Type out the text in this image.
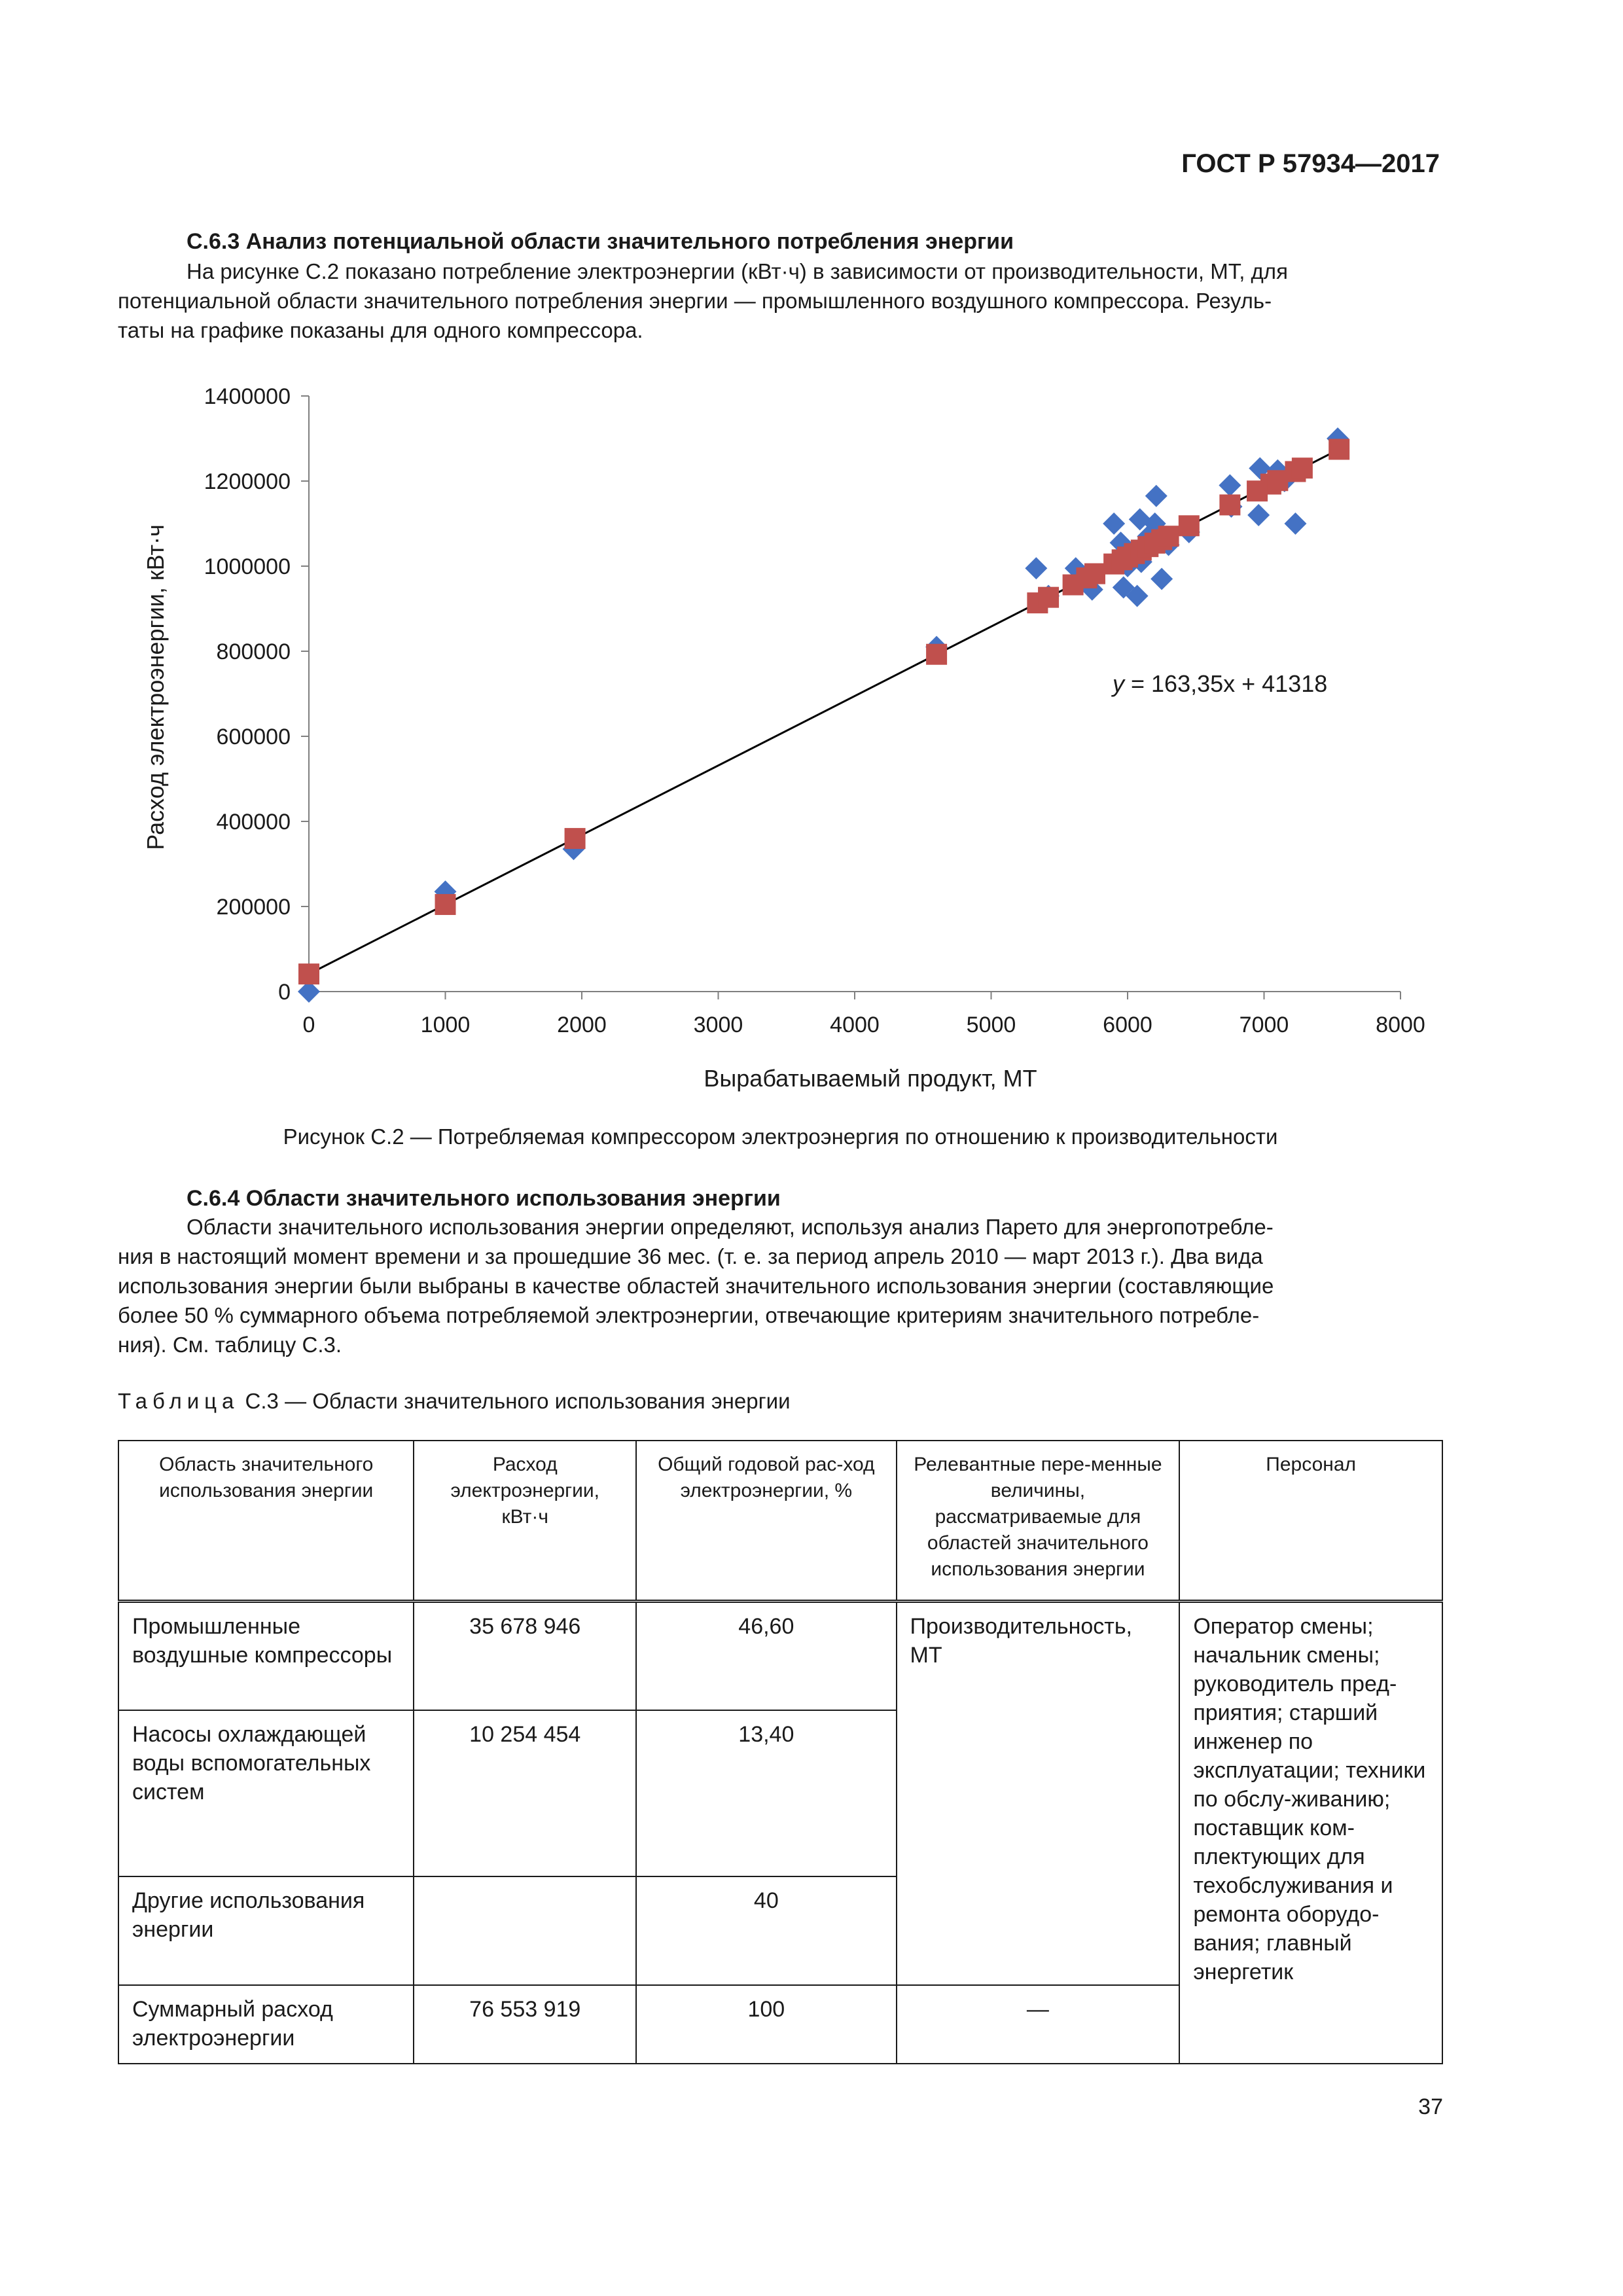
ГОСТ Р 57934—2017
С.6.3 Анализ потенциальной области значительного потребления энергии
На рисунке С.2 показано потребление электроэнергии (кВт·ч) в зависимости от производительности, МТ, для
потенциальной области значительного потребления энергии — промышленного воздушного компрессора. Резуль-
таты на графике показаны для одного компрессора.
0
200000
400000
600000
800000
1000000
1200000
1400000
0	1000	2000	3000	4000	5000	6000	7000	8000
Вырабатываемый продукт, МТ
Расход электроэнергии, кВт·ч	y = 163,35x + 41318
Рисунок С.2 — Потребляемая компрессором электроэнергия по отношению к производительности
С.6.4 Области значительного использования энергии
Области значительного использования энергии определяют, используя анализ Парето для энергопотребле-
ния в настоящий момент времени и за прошедшие 36 мес. (т. е. за период апрель 2010 — март 2013 г.). Два вида
использования энергии были выбраны в качестве областей значительного использования энергии (составляющие
более 50 % суммарного объема потребляемой электроэнергии, отвечающие критериям значительного потребле-
ния). См. таблицу С.3.
Таблица С.3 — Области значительного использования энергии
Область значительного использования энергии	Расход электроэнергии, кВт·ч	Общий годовой рас-ход электроэнергии, %	Релевантные пере-менные величины, рассматриваемые для областей значительного использования энергии	Персонал
Промышленные воздушные компрессоры	35 678 946	46,60	Производительность, МТ	Оператор смены; начальник смены; руководитель пред-приятия; старший инженер по эксплуатации; техники по обслу-живанию; поставщик ком-плектующих для техобслуживания и ремонта оборудо-вания; главный энергетик
Насосы охлаждающей воды вспомогательных систем	10 254 454	13,40		
Другие использования энергии		40		
Суммарный расход электроэнергии	76 553 919	100	—	
37
